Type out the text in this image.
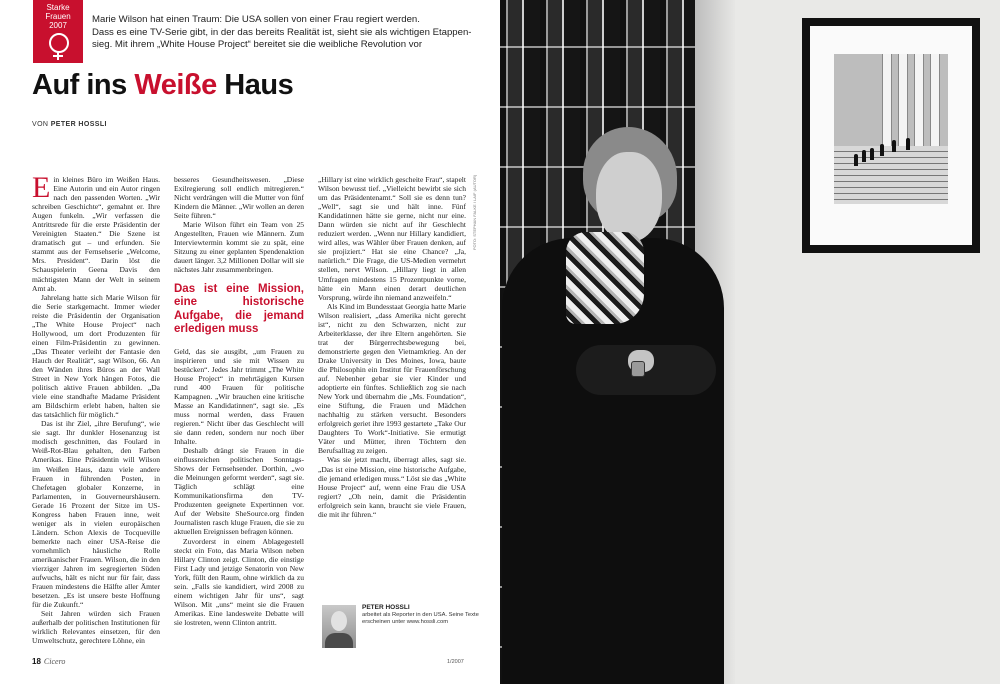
Starke
Frauen
2007
Marie Wilson hat einen Traum: Die USA sollen von einer Frau regiert werden.
Dass es eine TV-Serie gibt, in der das bereits Realität ist, sieht sie als wichtigen Etappen-
sieg. Mit ihrem „White House Project“ bereitet sie die weibliche Revolution vor
Auf ins Weiße Haus
VON PETER HOSSLI

Ein kleines Büro im Weißen Haus. Eine Autorin und ein Autor ringen nach den passenden Worten. „Wir schreiben Geschichte“, gemahnt er. Ihre Augen funkeln. „Wir verfassen die Antrittsrede für die erste Präsidentin der Vereinigten Staaten.“ Die Szene ist dramatisch gut – und erfunden. Sie stammt aus der Fernsehserie „Welcome, Mrs. President“. Darin löst die Schauspielerin Geena Davis den mächtigsten Mann der Welt in seinem Amt ab.

Jahrelang hatte sich Marie Wilson für die Serie starkgemacht. Immer wieder reiste die Präsidentin der Organisation „The White House Project“ nach Hollywood, um dort Produzenten für einen Film-Präsidentin zu gewinnen. „Das Theater verleiht der Fantasie den Hauch der Realität“, sagt Wilson, 66. An den Wänden ihres Büros an der Wall Street in New York hängen Fotos, die politisch aktive Frauen abbilden. „Da viele eine standhafte Madame Präsident am Bildschirm erlebt haben, halten sie das tatsächlich für möglich.“

Das ist ihr Ziel, „ihre Berufung“, wie sie sagt. Ihr dunkler Hosenanzug ist modisch geschnitten, das Foulard in Weiß-Rot-Blau gehalten, den Farben Amerikas. Eine Präsidentin will Wilson im Weißen Haus, dazu viele andere Frauen in führenden Posten, in Chefetagen globaler Konzerne, in Parlamenten, in Gouverneurshäusern. Gerade 16 Prozent der Sitze im US-Kongress haben Frauen inne, weit weniger als in vielen europäischen Ländern. Schon Alexis de Tocqueville bemerkte nach einer USA-Reise die vornehmlich häusliche Rolle amerikanischer Frauen. Wilson, die in den vierziger Jahren im segregierten Süden aufwuchs, hält es nicht nur für fair, dass Frauen mindestens die Hälfte aller Ämter besetzen. „Es ist unsere beste Hoffnung für die Zukunft.“

Seit Jahren würden sich Frauen außerhalb der politischen Institutionen für wirklich Relevantes einsetzen, für den Umweltschutz, gerechtere Löhne, ein

besseres Gesundheitswesen. „Diese Exilregierung soll endlich mitregieren.“ Nicht verdrängen will die Mutter von fünf Kindern die Männer. „Wir wollen an deren Seite führen.“

Marie Wilson führt ein Team von 25 Angestellten, Frauen wie Männern. Zum Interviewtermin kommt sie zu spät, eine Sitzung zu einer geplanten Spendenaktion dauert länger. 3,2 Millionen Dollar will sie nächstes Jahr zusammenbringen.

Das ist eine Mission, eine historische Aufgabe, die jemand erledigen muss

Geld, das sie ausgibt, „um Frauen zu inspirieren und sie mit Wissen zu bestücken“. Jedes Jahr trimmt „The White House Project“ in mehrtägigen Kursen rund 400 Frauen für politische Kampagnen. „Wir brauchen eine kritische Masse an Kandidatinnen“, sagt sie. „Es muss normal werden, dass Frauen regieren.“ Nicht über das Geschlecht will sie dann reden, sondern nur noch über Inhalte.

Deshalb drängt sie Frauen in die einflussreichen politischen Sonntags-Shows der Fernsehsender. Dorthin, „wo die Meinungen geformt werden“, sagt sie. Täglich schlägt eine Kommunikationsfirma den TV-Produzenten geeignete Expertinnen vor. Auf der Website SheSource.org finden Journalisten rasch kluge Frauen, die sie zu aktuellen Ereignissen befragen können.

Zuvorderst in einem Ablagegestell steckt ein Foto, das Maria Wilson neben Hillary Clinton zeigt. Clinton, die einstige First Lady und jetzige Senatorin von New York, füllt den Raum, ohne wirklich da zu sein. „Falls sie kandidiert, wird 2008 zu einem wichtigen Jahr für uns“, sagt Wilson. Mit „uns“ meint sie die Frauen Amerikas. Eine landesweite Debatte will sie lostreten, wenn Clinton antritt.

„Hillary ist eine wirklich gescheite Frau“, stapelt Wilson bewusst tief. „Vielleicht bewirbt sie sich um das Präsidentenamt.“ Soll sie es denn tun? „Well“, sagt sie und hält inne. Fünf Kandidatinnen hätte sie gerne, nicht nur eine. Dann würden sie nicht auf ihr Geschlecht reduziert werden. „Wenn nur Hillary kandidiert, wird alles, was Wähler über Frauen denken, auf sie projiziert.“ Hat sie eine Chance? „Ja, natürlich.“ Die Frage, die US-Medien vermehrt stellen, nervt Wilson. „Hillary liegt in allen Umfragen mindestens 15 Prozentpunkte vorne, hätte ein Mann einen derart deutlichen Vorsprung, würde ihn niemand anzweifeln.“

Als Kind im Bundesstaat Georgia hatte Marie Wilson realisiert, „dass Amerika nicht gerecht ist“, nicht zu den Schwarzen, nicht zur Arbeiterklasse, der ihre Eltern angehörten. Sie trat der Bürgerrechtsbewegung bei, demonstrierte gegen den Vietnamkrieg. An der Drake University in Des Moines, Iowa, baute die Philosophin ein Institut für Frauenförschung auf. Nebenher gebar sie vier Kinder und adoptierte ein fünftes. Schließlich zog sie nach New York und übernahm die „Ms. Foundation“, eine Stiftung, die Frauen und Mädchen nachhaltig zu stärken versucht. Besonders erfolgreich geriet ihre 1993 gestartete „Take Our Daughters To Work“-Initiative. Sie ermutigt Väter und Mütter, ihren Töchtern den Berufsalltag zu zeigen.

Was sie jetzt macht, überragt alles, sagt sie. „Das ist eine Mission, eine historische Aufgabe, die jemand erledigen muss.“ Löst sie das „White House Project“ auf, wenn eine Frau die USA regiert? „Oh nein, damit die Präsidentin erfolgreich sein kann, braucht sie viele Frauen, die mit ihr führen.“

FOTO: STEPHAN FALKE / LAIF (AUTOR)
PETER HOSSLI
arbeitet als Reporter in den USA. Seine Texte erscheinen unter www.hossli.com
18 Cicero	1/2007
